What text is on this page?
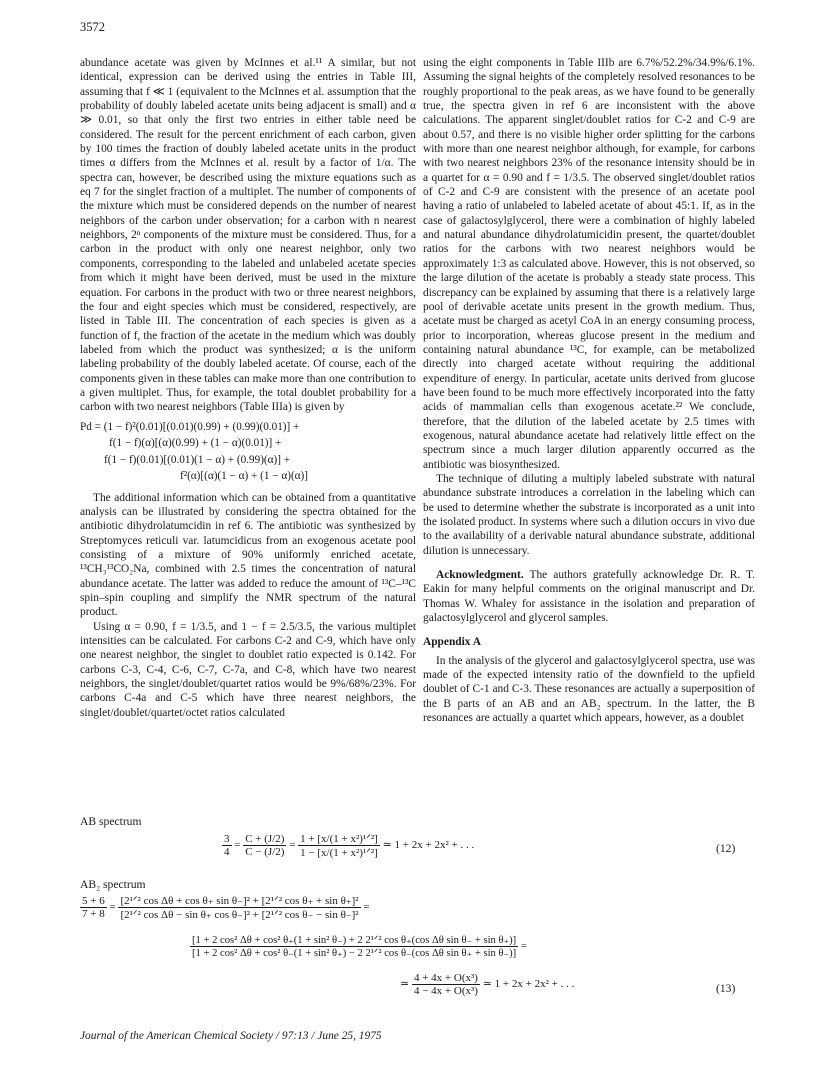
3572

abundance acetate was given by McInnes et al.¹¹ A similar, but not identical, expression can be derived using the entries in Table III, assuming that f ≪ 1 (equivalent to the McInnes et al. assumption that the probability of doubly labeled acetate units being adjacent is small) and α ≫ 0.01, so that only the first two entries in either table need be considered. The result for the percent enrichment of each carbon, given by 100 times the fraction of doubly labeled acetate units in the product times α differs from the McInnes et al. result by a factor of 1/α. The spectra can, however, be described using the mixture equations such as eq 7 for the singlet fraction of a multiplet. The number of components of the mixture which must be considered depends on the number of nearest neighbors of the carbon under observation; for a carbon with n nearest neighbors, 2ⁿ components of the mixture must be considered. Thus, for a carbon in the product with only one nearest neighbor, only two components, corresponding to the labeled and unlabeled acetate species from which it might have been derived, must be used in the mixture equation. For carbons in the product with two or three nearest neighbors, the four and eight species which must be considered, respectively, are listed in Table III. The concentration of each species is given as a function of f, the fraction of the acetate in the medium which was doubly labeled from which the product was synthesized; α is the uniform labeling probability of the doubly labeled acetate. Of course, each of the components given in these tables can make more than one contribution to a given multiplet. Thus, for example, the total doublet probability for a carbon with two nearest neighbors (Table IIIa) is given by

Pd = (1 − f)²(0.01)[(0.01)(0.99) + (0.99)(0.01)] +
f(1 − f)(α)[(α)(0.99) + (1 − α)(0.01)] +
f(1 − f)(0.01)[(0.01)(1 − α) + (0.99)(α)] +
f²(α)[(α)(1 − α) + (1 − α)(α)]

The additional information which can be obtained from a quantitative analysis can be illustrated by considering the spectra obtained for the antibiotic dihydrolatumcidin in ref 6. The antibiotic was synthesized by Streptomyces reticuli var. latumcidicus from an exogenous acetate pool consisting of a mixture of 90% uniformly enriched acetate, ¹³CH₃¹³CO₂Na, combined with 2.5 times the concentration of natural abundance acetate. The latter was added to reduce the amount of ¹³C–¹³C spin–spin coupling and simplify the NMR spectrum of the natural product.

Using α = 0.90, f = 1/3.5, and 1 − f = 2.5/3.5, the various multiplet intensities can be calculated. For carbons C-2 and C-9, which have only one nearest neighbor, the singlet to doublet ratio expected is 0.142. For carbons C-3, C-4, C-6, C-7, C-7a, and C-8, which have two nearest neighbors, the singlet/doublet/quartet ratios would be 9%/68%/23%. For carbons C-4a and C-5 which have three nearest neighbors, the singlet/doublet/quartet/octet ratios calculated

using the eight components in Table IIIb are 6.7%/52.2%/34.9%/6.1%. Assuming the signal heights of the completely resolved resonances to be roughly proportional to the peak areas, as we have found to be generally true, the spectra given in ref 6 are inconsistent with the above calculations. The apparent singlet/doublet ratios for C-2 and C-9 are about 0.57, and there is no visible higher order splitting for the carbons with more than one nearest neighbor although, for example, for carbons with two nearest neighbors 23% of the resonance intensity should be in a quartet for α = 0.90 and f = 1/3.5. The observed singlet/doublet ratios of C-2 and C-9 are consistent with the presence of an acetate pool having a ratio of unlabeled to labeled acetate of about 45:1. If, as in the case of galactosylglycerol, there were a combination of highly labeled and natural abundance dihydrolatumicidin present, the quartet/doublet ratios for the carbons with two nearest neighbors would be approximately 1:3 as calculated above. However, this is not observed, so the large dilution of the acetate is probably a steady state process. This discrepancy can be explained by assuming that there is a relatively large pool of derivable acetate units present in the growth medium. Thus, acetate must be charged as acetyl CoA in an energy consuming process, prior to incorporation, whereas glucose present in the medium and containing natural abundance ¹³C, for example, can be metabolized directly into charged acetate without requiring the additional expenditure of energy. In particular, acetate units derived from glucose have been found to be much more effectively incorporated into the fatty acids of mammalian cells than exogenous acetate.²² We conclude, therefore, that the dilution of the labeled acetate by 2.5 times with exogenous, natural abundance acetate had relatively little effect on the spectrum since a much larger dilution apparently occurred as the antibiotic was biosynthesized.

The technique of diluting a multiply labeled substrate with natural abundance substrate introduces a correlation in the labeling which can be used to determine whether the substrate is incorporated as a unit into the isolated product. In systems where such a dilution occurs in vivo due to the availability of a derivable natural abundance substrate, additional dilution is unnecessary.

Acknowledgment. The authors gratefully acknowledge Dr. R. T. Eakin for many helpful comments on the original manuscript and Dr. Thomas W. Whaley for assistance in the isolation and preparation of galactosylglycerol and glycerol samples.

Appendix A

In the analysis of the glycerol and galactosylglycerol spectra, use was made of the expected intensity ratio of the downfield to the upfield doublet of C-1 and C-3. These resonances are actually a superposition of the B parts of an AB and an AB₂ spectrum. In the latter, the B resonances are actually a quartet which appears, however, as a doublet

AB spectrum
$\frac{3}{4} = \frac{C + (J/2)}{C - (J/2)} = \frac{\text{1 + [x/(1 + x²)¹ᐟ²]}}{\text{1 − [x/(1 + x²)¹ᐟ²]}}$ ≃ 1 + 2x + 2x² + . . .	(12)
AB₂ spectrum
$\frac{5 + 6}{7 + 8} = \frac{\text{[2¹ᐟ² cos Δθ + cos θ₊ sin θ₋]² + [2¹ᐟ² cos θ₊ + sin θ₊]²}}{\text{[2¹ᐟ² cos Δθ − sin θ₊ cos θ₋]² + [2¹ᐟ² cos θ₋ − sin θ₋]²}}$ =
[1 + 2 cos² Δθ + cos² θ₊(1 + sin² θ₋) + 2 2¹ᐟ² cos θ₊(cos Δθ sin θ₋ + sin θ₊)]
[1 + 2 cos² Δθ + cos² θ₋(1 + sin² θ₊) − 2 2¹ᐟ² cos θ₋(cos Δθ sin θ₊ + sin θ₋)]
=
≃ $\frac{\text{4 + 4x + O(x³)}}{\text{4 − 4x + O(x³)}}$ ≃ 1 + 2x + 2x² + . . .	(13)
Journal of the American Chemical Society / 97:13 / June 25, 1975
